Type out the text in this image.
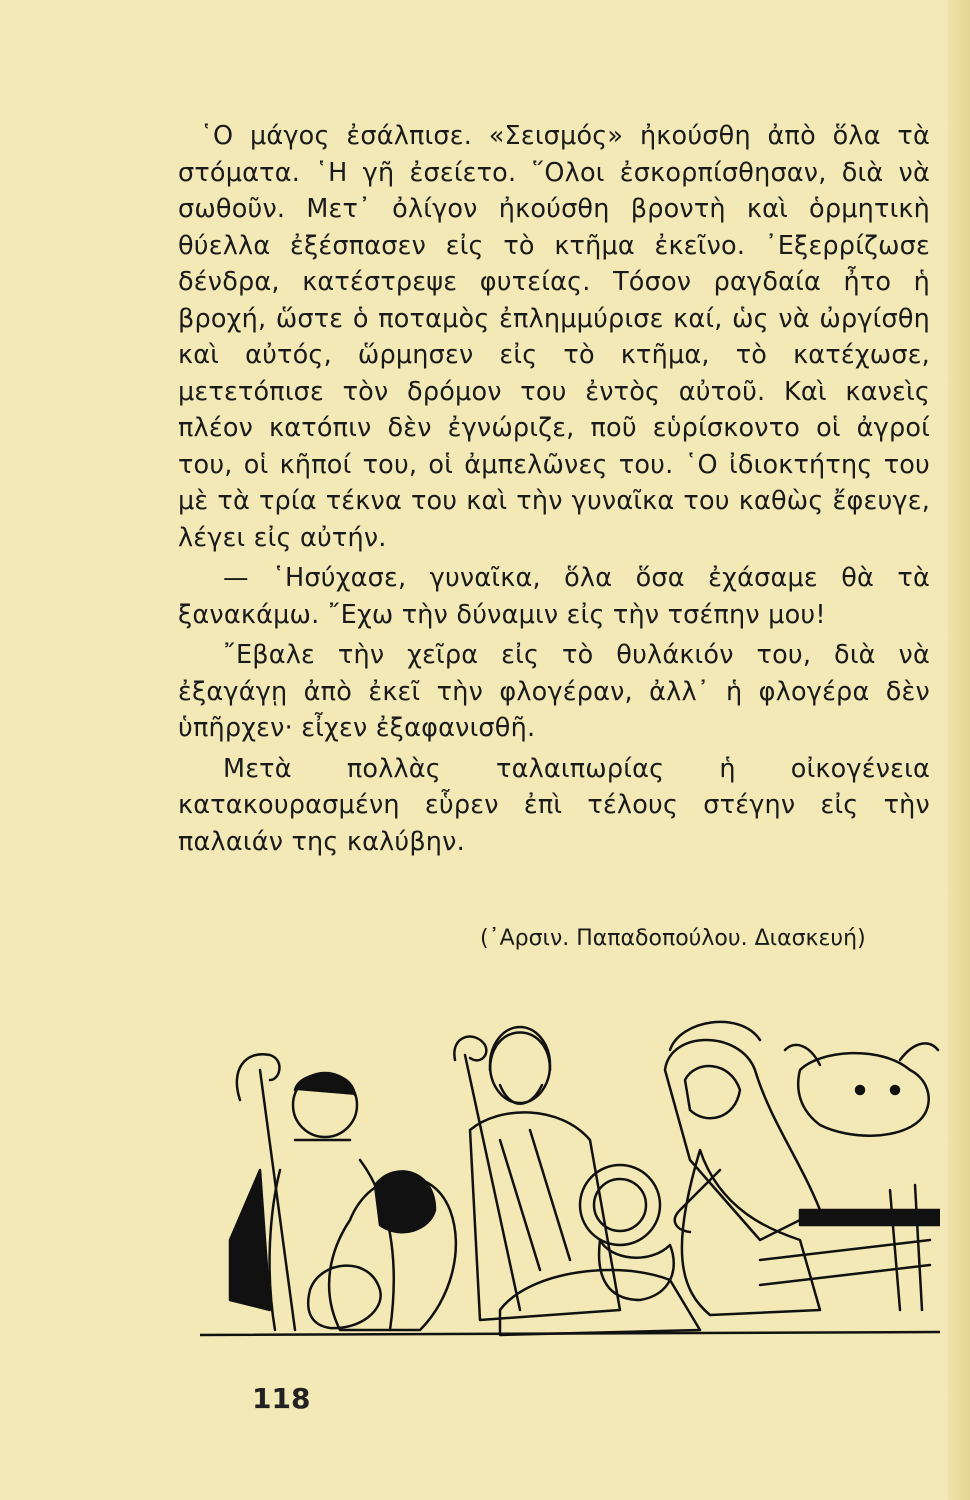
῾Ο μάγος ἐσάλπισε. «Σεισμός» ἠκούσθη ἀπὸ ὅλα τὰ στόματα. ῾Η γῆ ἐσείετο. ῞Ολοι ἐσκορπίσθησαν, διὰ νὰ σωθοῦν. Μετ᾿ ὀλίγον ἠκούσθη βροντὴ καὶ ὁρμητικὴ θύελλα ἐξέσπασεν εἰς τὸ κτῆμα ἐκεῖνο. ᾿Εξερρίζωσε δένδρα, κατέστρεψε φυτείας. Τόσον ραγδαία ἦτο ἡ βροχή, ὥστε ὁ ποταμὸς ἐπλημμύρισε καί, ὡς νὰ ὠργίσθη καὶ αὐτός, ὥρμησεν εἰς τὸ κτῆμα, τὸ κατέχωσε, μετετόπισε τὸν δρόμον του ἐντὸς αὐτοῦ. Καὶ κανεὶς πλέον κατόπιν δὲν ἐγνώριζε, ποῦ εὑρίσκοντο οἱ ἀγροί του, οἱ κῆποί του, οἱ ἀμπελῶνες του. ῾Ο ἰδιοκτήτης του μὲ τὰ τρία τέκνα του καὶ τὴν γυναῖκα του καθὼς ἔφευγε, λέγει εἰς αὐτήν.

— ῾Ησύχασε, γυναῖκα, ὅλα ὅσα ἐχάσαμε θὰ τὰ ξανακάμω. ῎Εχω τὴν δύναμιν εἰς τὴν τσέπην μου!

῎Εβαλε τὴν χεῖρα εἰς τὸ θυλάκιόν του, διὰ νὰ ἐξαγάγῃ ἀπὸ ἐκεῖ τὴν φλογέραν, ἀλλ᾿ ἡ φλογέρα δὲν ὑπῆρχεν· εἶχεν ἐξαφανισθῆ.

Μετὰ πολλὰς ταλαιπωρίας ἡ οἰκογένεια κατακουρασμένη εὗρεν ἐπὶ τέλους στέγην εἰς τὴν παλαιάν της καλύβην.

(᾿Αρσιν. Παπαδοπούλου. Διασκευή)
118
